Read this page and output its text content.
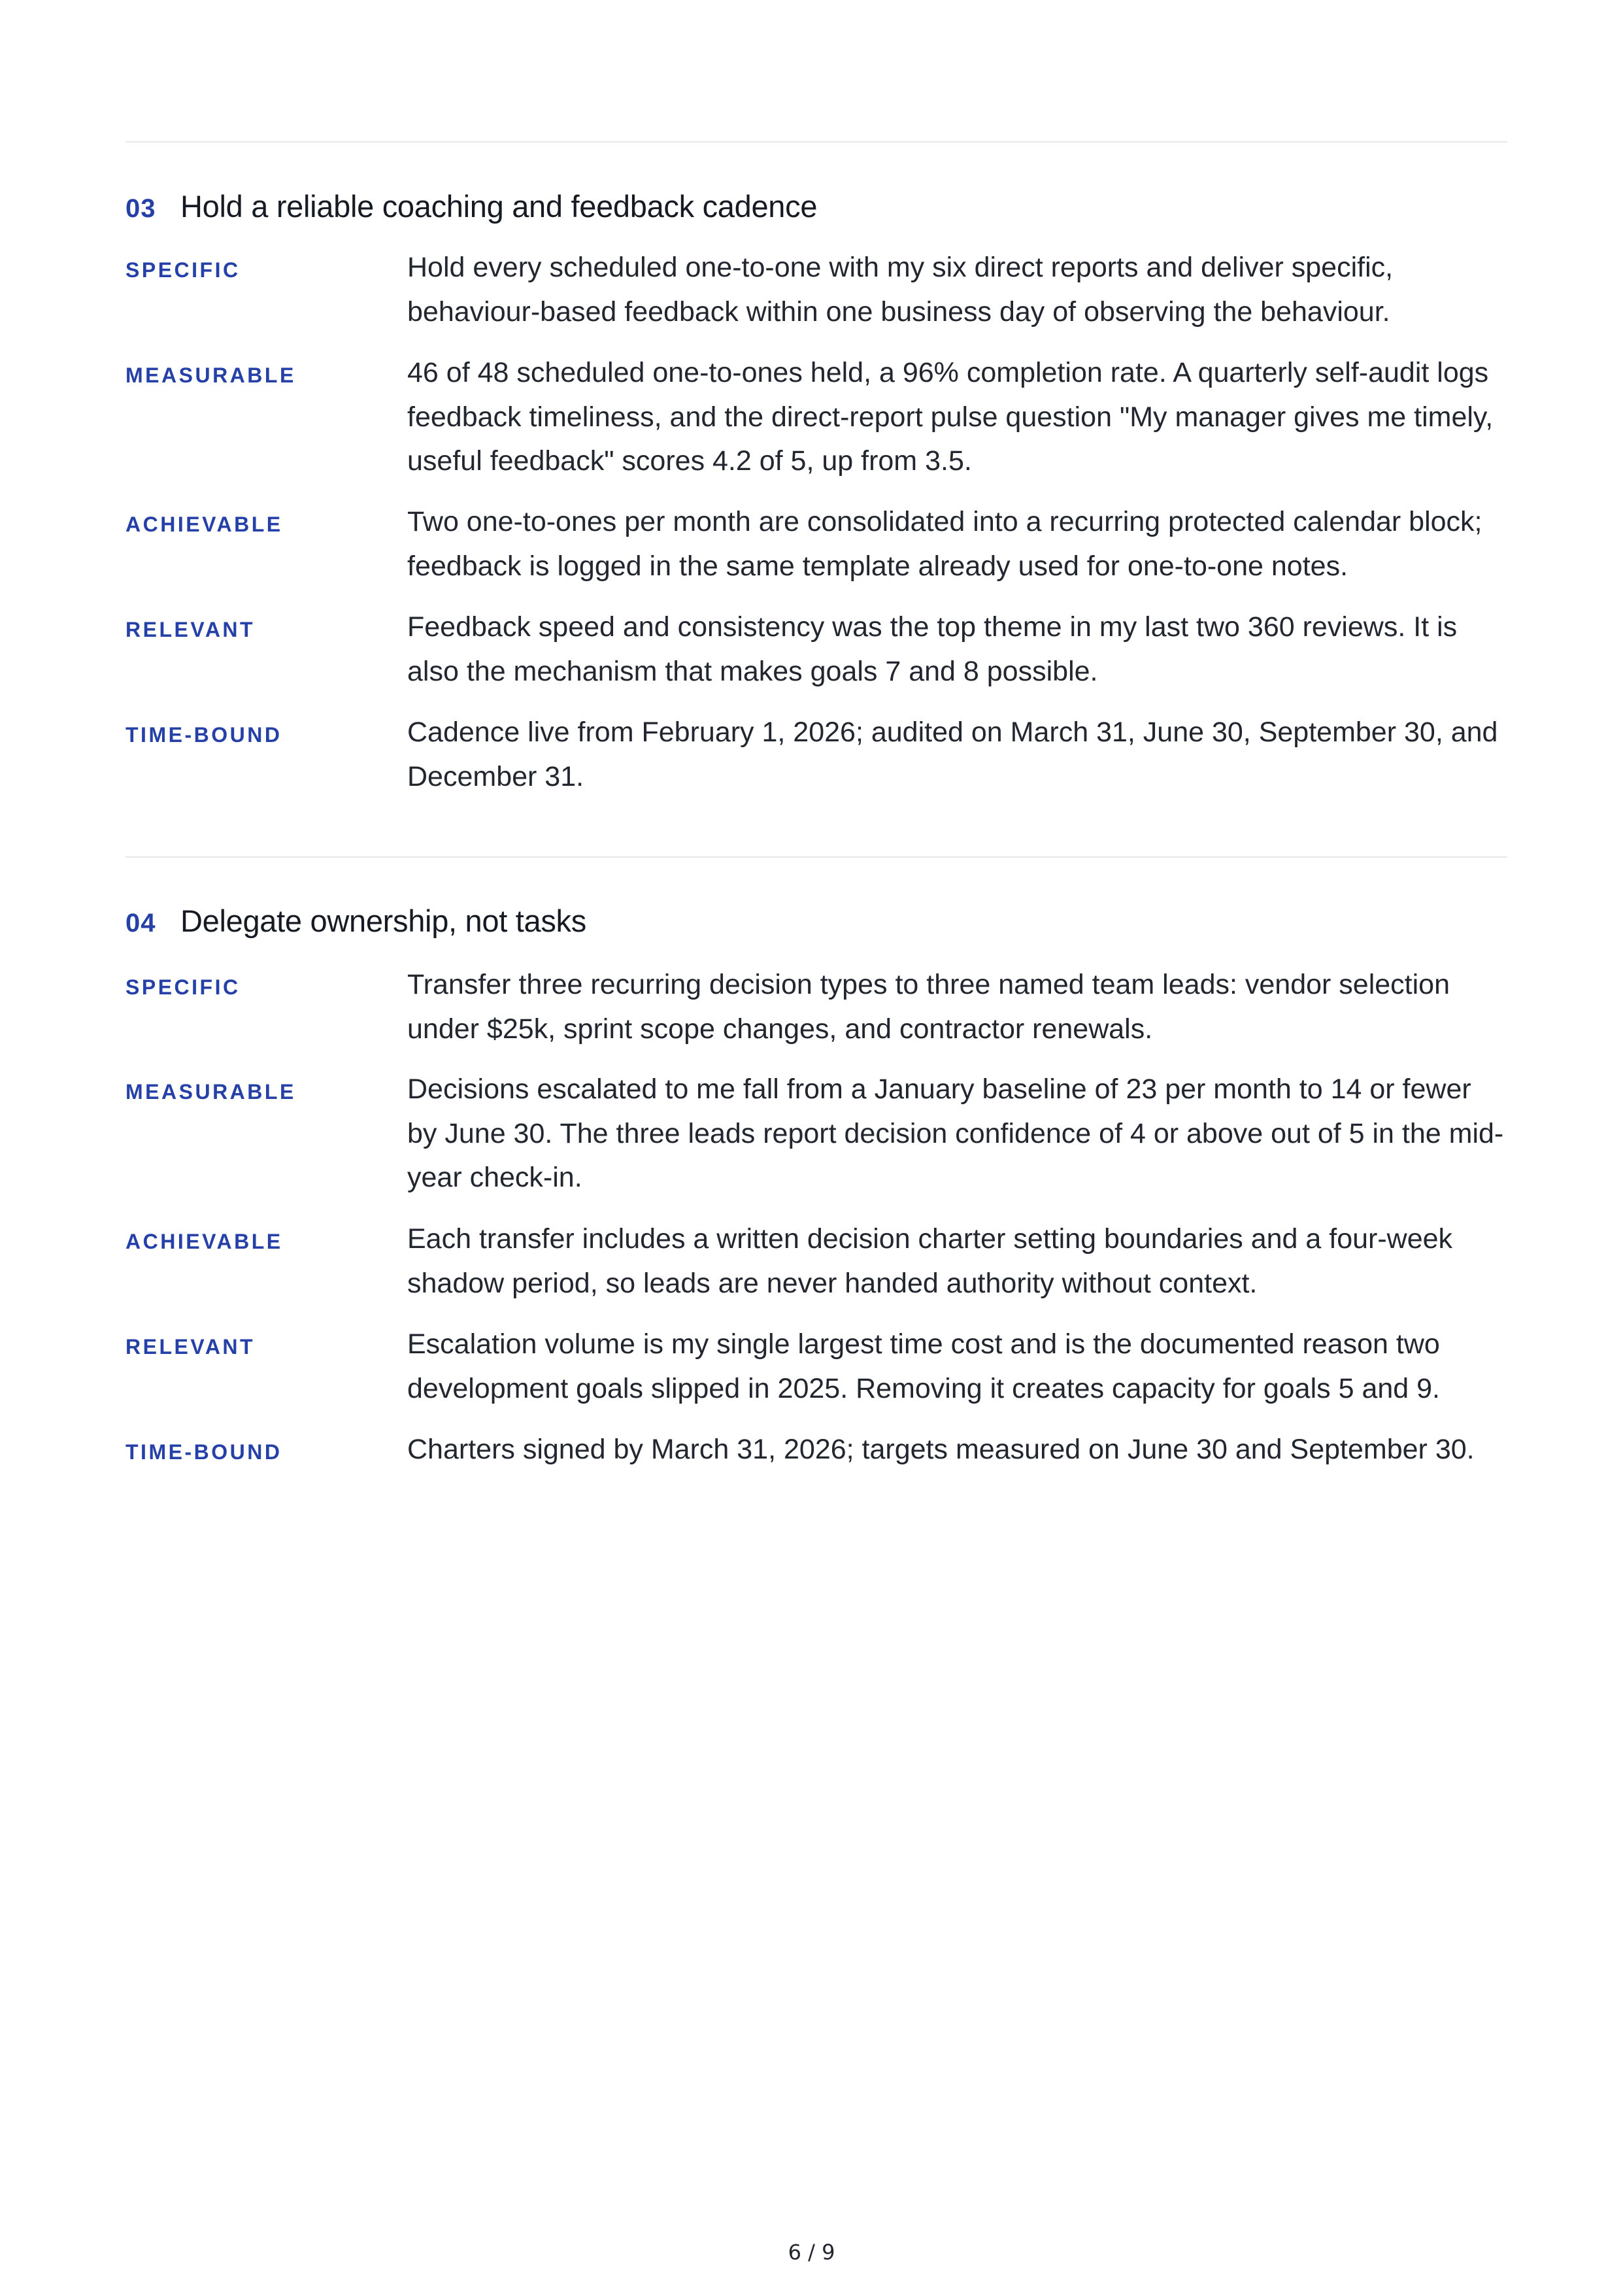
03 Hold a reliable coaching and feedback cadence
SPECIFIC	Hold every scheduled one-to-one with my six direct reports and deliver specific, behaviour-based feedback within one business day of observing the behaviour.
MEASURABLE	46 of 48 scheduled one-to-ones held, a 96% completion rate. A quarterly self-audit logs feedback timeliness, and the direct-report pulse question "My manager gives me timely, useful feedback" scores 4.2 of 5, up from 3.5.
ACHIEVABLE	Two one-to-ones per month are consolidated into a recurring protected calendar block; feedback is logged in the same template already used for one-to-one notes.
RELEVANT	Feedback speed and consistency was the top theme in my last two 360 reviews. It is also the mechanism that makes goals 7 and 8 possible.
TIME-BOUND	Cadence live from February 1, 2026; audited on March 31, June 30, September 30, and December 31.
04 Delegate ownership, not tasks
SPECIFIC	Transfer three recurring decision types to three named team leads: vendor selection under $25k, sprint scope changes, and contractor renewals.
MEASURABLE	Decisions escalated to me fall from a January baseline of 23 per month to 14 or fewer by June 30. The three leads report decision confidence of 4 or above out of 5 in the mid-year check-in.
ACHIEVABLE	Each transfer includes a written decision charter setting boundaries and a four-week shadow period, so leads are never handed authority without context.
RELEVANT	Escalation volume is my single largest time cost and is the documented reason two development goals slipped in 2025. Removing it creates capacity for goals 5 and 9.
TIME-BOUND	Charters signed by March 31, 2026; targets measured on June 30 and September 30.
6 / 9
